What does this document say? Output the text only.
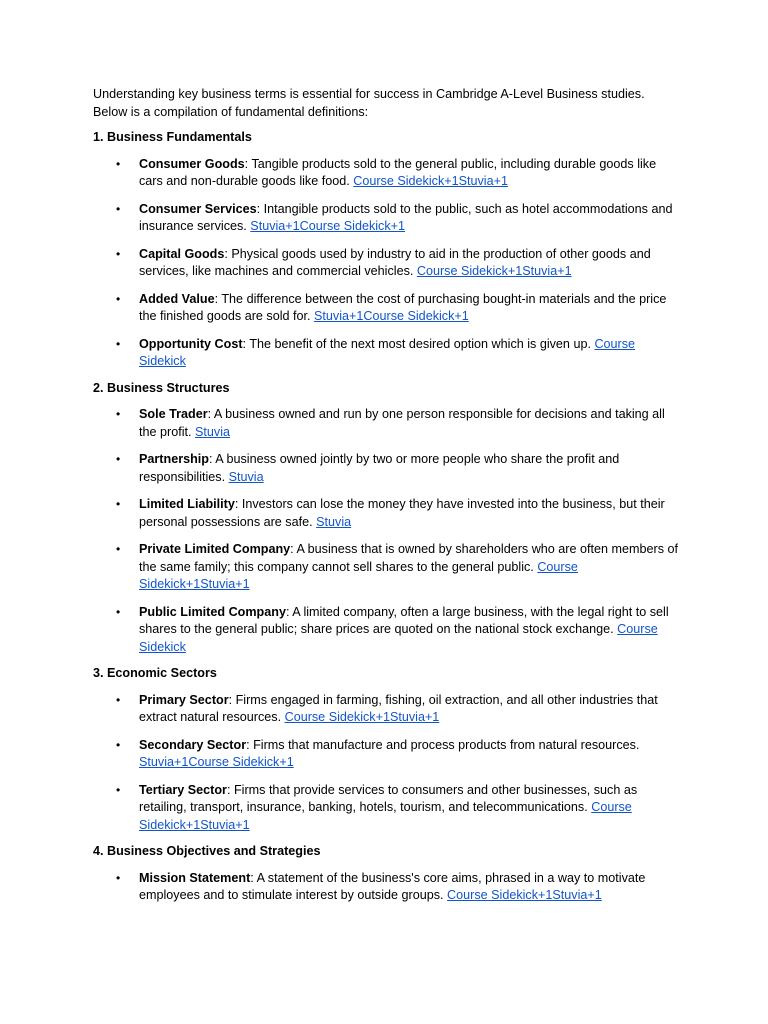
Understanding key business terms is essential for success in Cambridge A-Level Business studies. Below is a compilation of fundamental definitions:

1. Business Fundamentals
• Consumer Goods: Tangible products sold to the general public, including durable goods like cars and non-durable goods like food. Course Sidekick+1Stuvia+1
• Consumer Services: Intangible products sold to the public, such as hotel accommodations and insurance services. Stuvia+1Course Sidekick+1
• Capital Goods: Physical goods used by industry to aid in the production of other goods and services, like machines and commercial vehicles. Course Sidekick+1Stuvia+1
• Added Value: The difference between the cost of purchasing bought-in materials and the price the finished goods are sold for. Stuvia+1Course Sidekick+1
• Opportunity Cost: The benefit of the next most desired option which is given up. Course Sidekick
2. Business Structures
• Sole Trader: A business owned and run by one person responsible for decisions and taking all the profit. Stuvia
• Partnership: A business owned jointly by two or more people who share the profit and responsibilities. Stuvia
• Limited Liability: Investors can lose the money they have invested into the business, but their personal possessions are safe. Stuvia
• Private Limited Company: A business that is owned by shareholders who are often members of the same family; this company cannot sell shares to the general public. Course Sidekick+1Stuvia+1
• Public Limited Company: A limited company, often a large business, with the legal right to sell shares to the general public; share prices are quoted on the national stock exchange. Course Sidekick
3. Economic Sectors
• Primary Sector: Firms engaged in farming, fishing, oil extraction, and all other industries that extract natural resources. Course Sidekick+1Stuvia+1
• Secondary Sector: Firms that manufacture and process products from natural resources. Stuvia+1Course Sidekick+1
• Tertiary Sector: Firms that provide services to consumers and other businesses, such as retailing, transport, insurance, banking, hotels, tourism, and telecommunications. Course Sidekick+1Stuvia+1
4. Business Objectives and Strategies
• Mission Statement: A statement of the business's core aims, phrased in a way to motivate employees and to stimulate interest by outside groups. Course Sidekick+1Stuvia+1
